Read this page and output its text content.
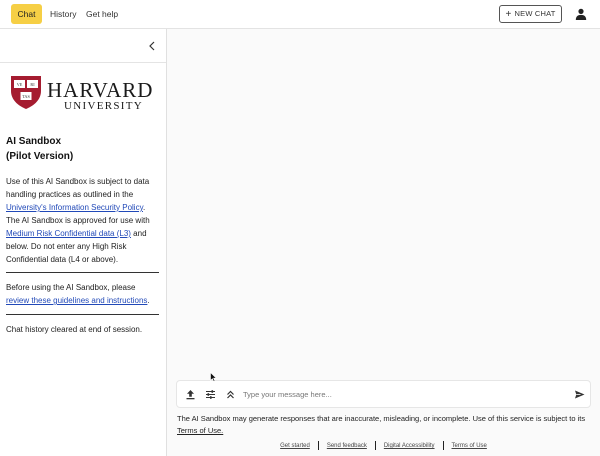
Chat	History Get help	+ NEW CHAT
VE RI
TAS HARVARD
UNIVERSITY
AI Sandbox
(Pilot Version)
Use of this AI Sandbox is subject to data handling practices as outlined in the University's Information Security Policy. The AI Sandbox is approved for use with Medium Risk Confidential data (L3) and below. Do not enter any High Risk Confidential data (L4 or above).
Before using the AI Sandbox, please review these guidelines and instructions.
Chat history cleared at end of session.
Type your message here...
The AI Sandbox may generate responses that are inaccurate, misleading, or incomplete. Use of this service is subject to its
Terms of Use.
Get started	Send feedback	Digital Accessibility	Terms of Use
